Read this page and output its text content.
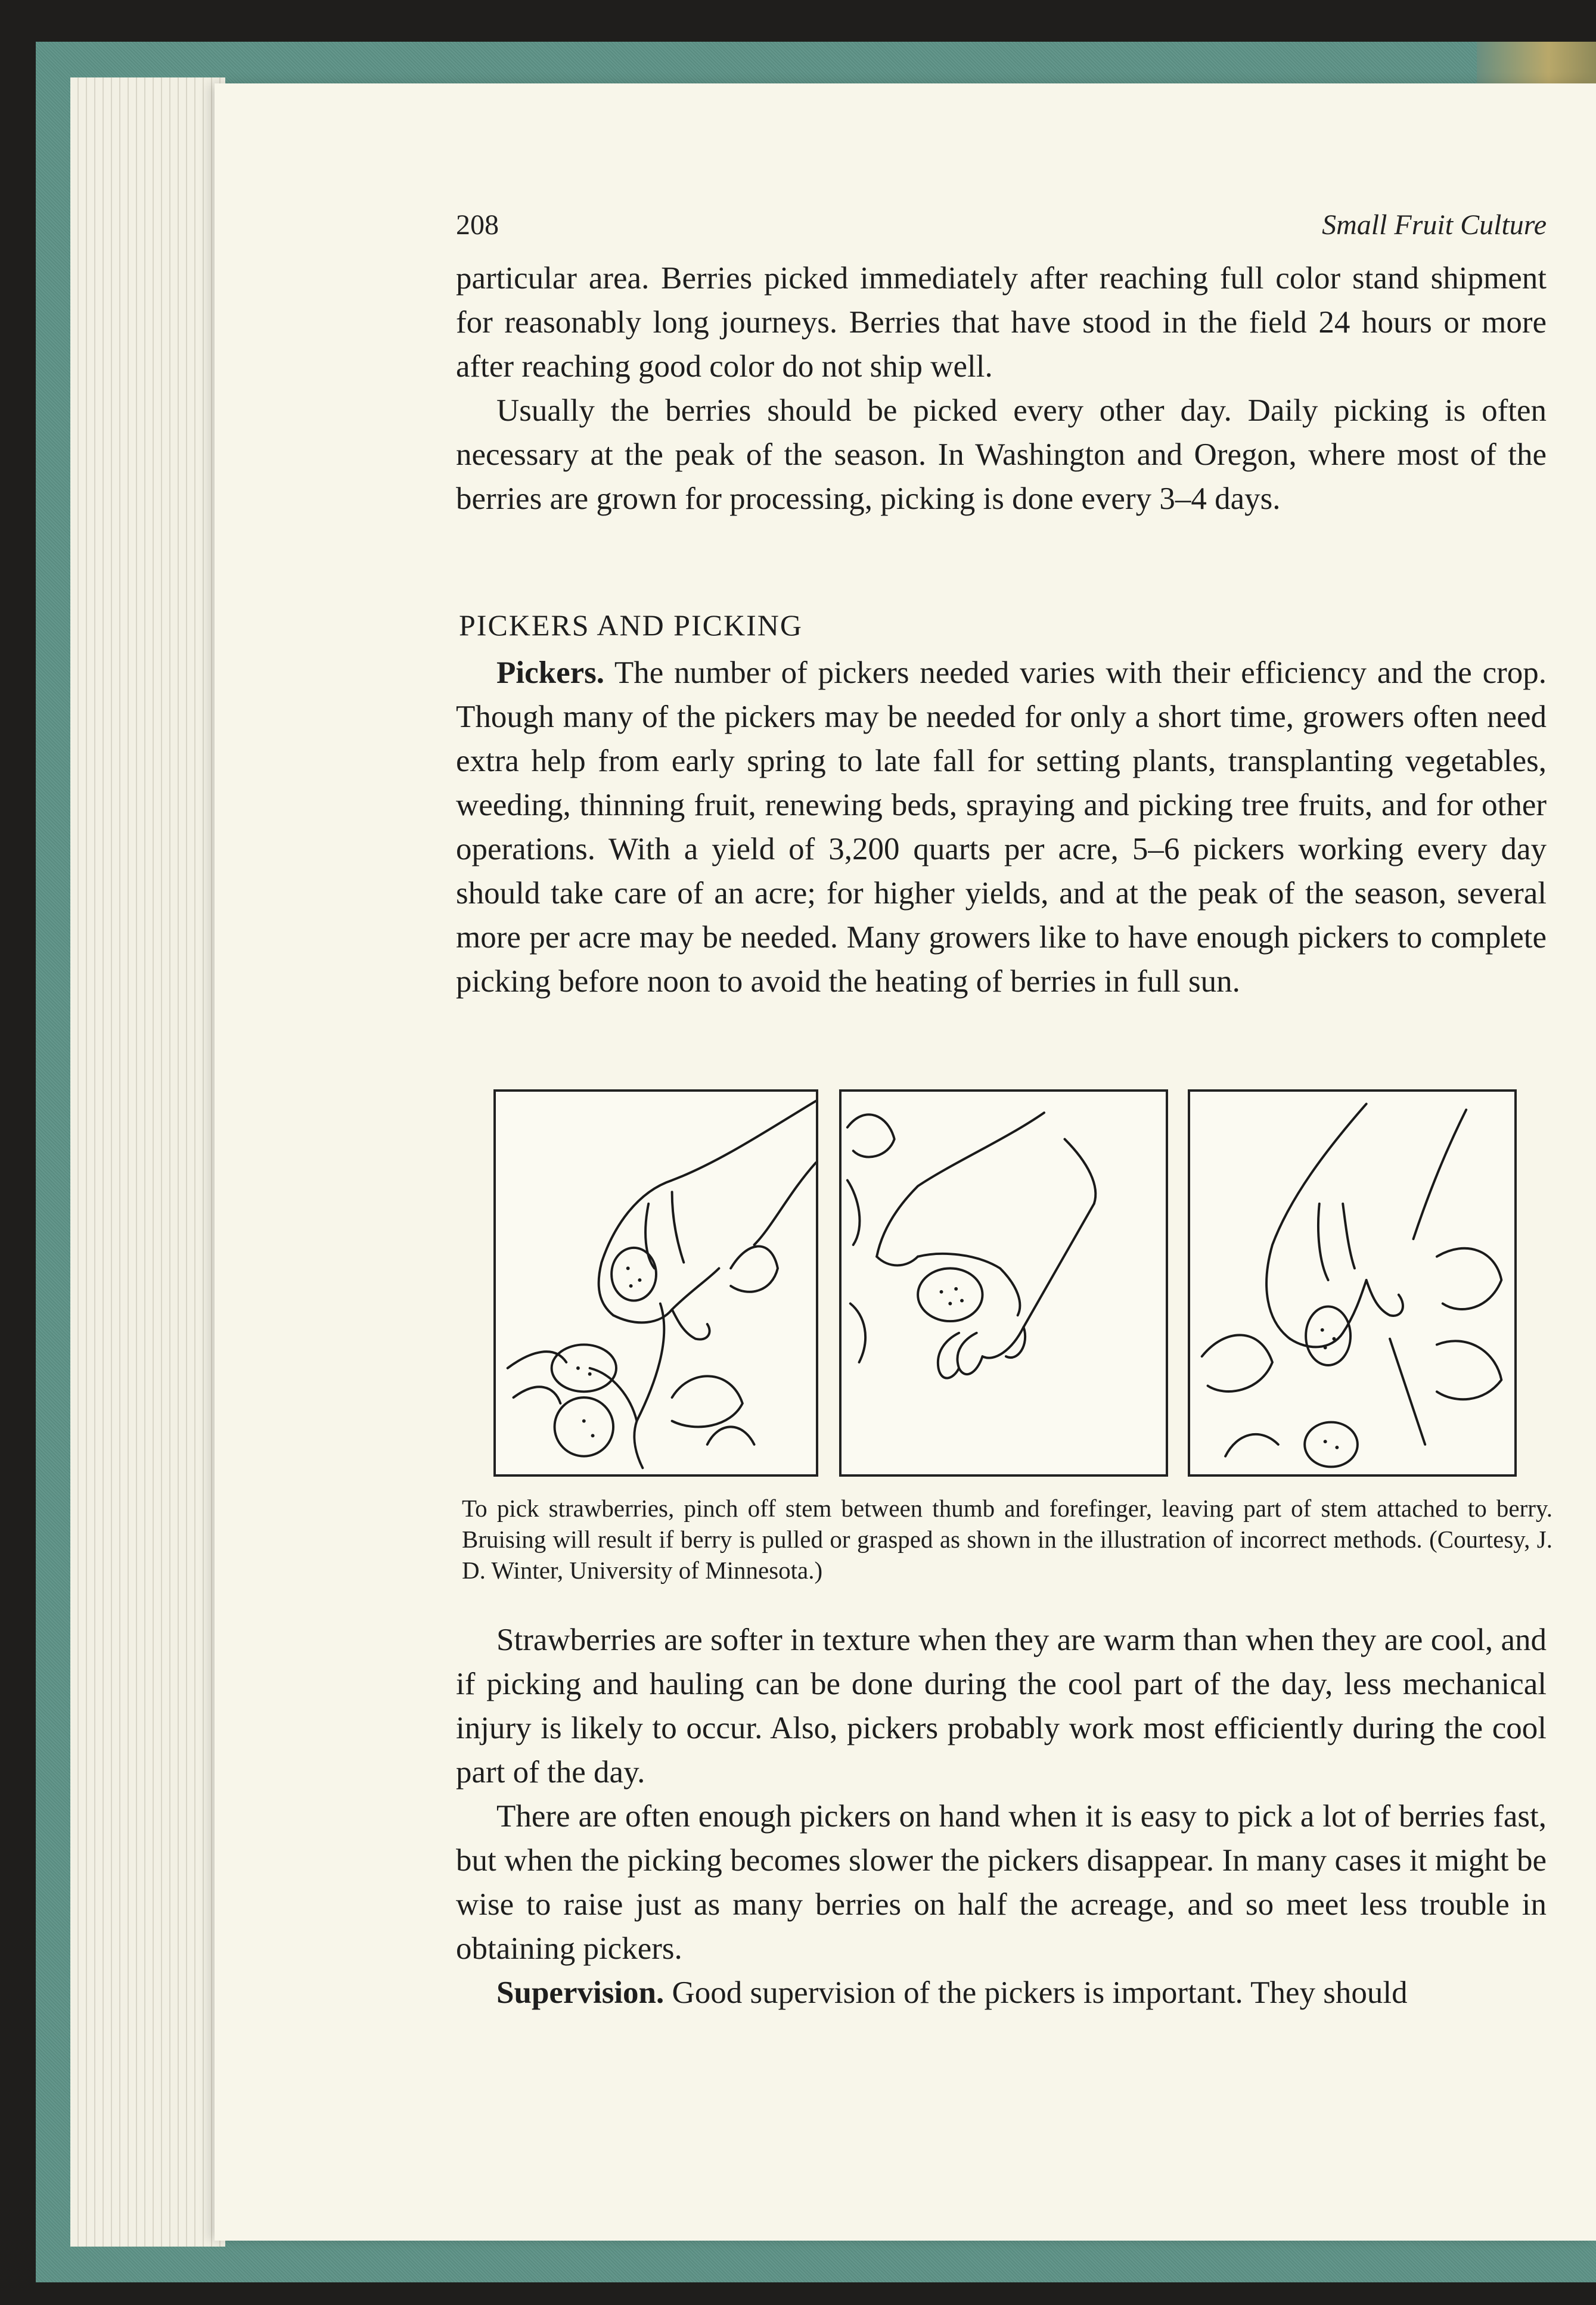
208	Small Fruit Culture

particular area. Berries picked immediately after reaching full color stand shipment for reasonably long journeys. Berries that have stood in the field 24 hours or more after reaching good color do not ship well.

Usually the berries should be picked every other day. Daily picking is often necessary at the peak of the season. In Washington and Oregon, where most of the berries are grown for processing, picking is done every 3–4 days.

PICKERS AND PICKING

Pickers. The number of pickers needed varies with their efficiency and the crop. Though many of the pickers may be needed for only a short time, growers often need extra help from early spring to late fall for setting plants, transplanting vegetables, weeding, thinning fruit, renewing beds, spraying and picking tree fruits, and for other operations. With a yield of 3,200 quarts per acre, 5–6 pickers working every day should take care of an acre; for higher yields, and at the peak of the season, several more per acre may be needed. Many growers like to have enough pickers to complete picking before noon to avoid the heating of berries in full sun.

To pick strawberries, pinch off stem between thumb and forefinger, leaving part of stem attached to berry. Bruising will result if berry is pulled or grasped as shown in the illustration of incorrect methods. (Courtesy, J. D. Winter, University of Minnesota.)

Strawberries are softer in texture when they are warm than when they are cool, and if picking and hauling can be done during the cool part of the day, less mechanical injury is likely to occur. Also, pickers probably work most efficiently during the cool part of the day.

There are often enough pickers on hand when it is easy to pick a lot of berries fast, but when the picking becomes slower the pickers disappear. In many cases it might be wise to raise just as many berries on half the acreage, and so meet less trouble in obtaining pickers.

Supervision. Good supervision of the pickers is important. They should
